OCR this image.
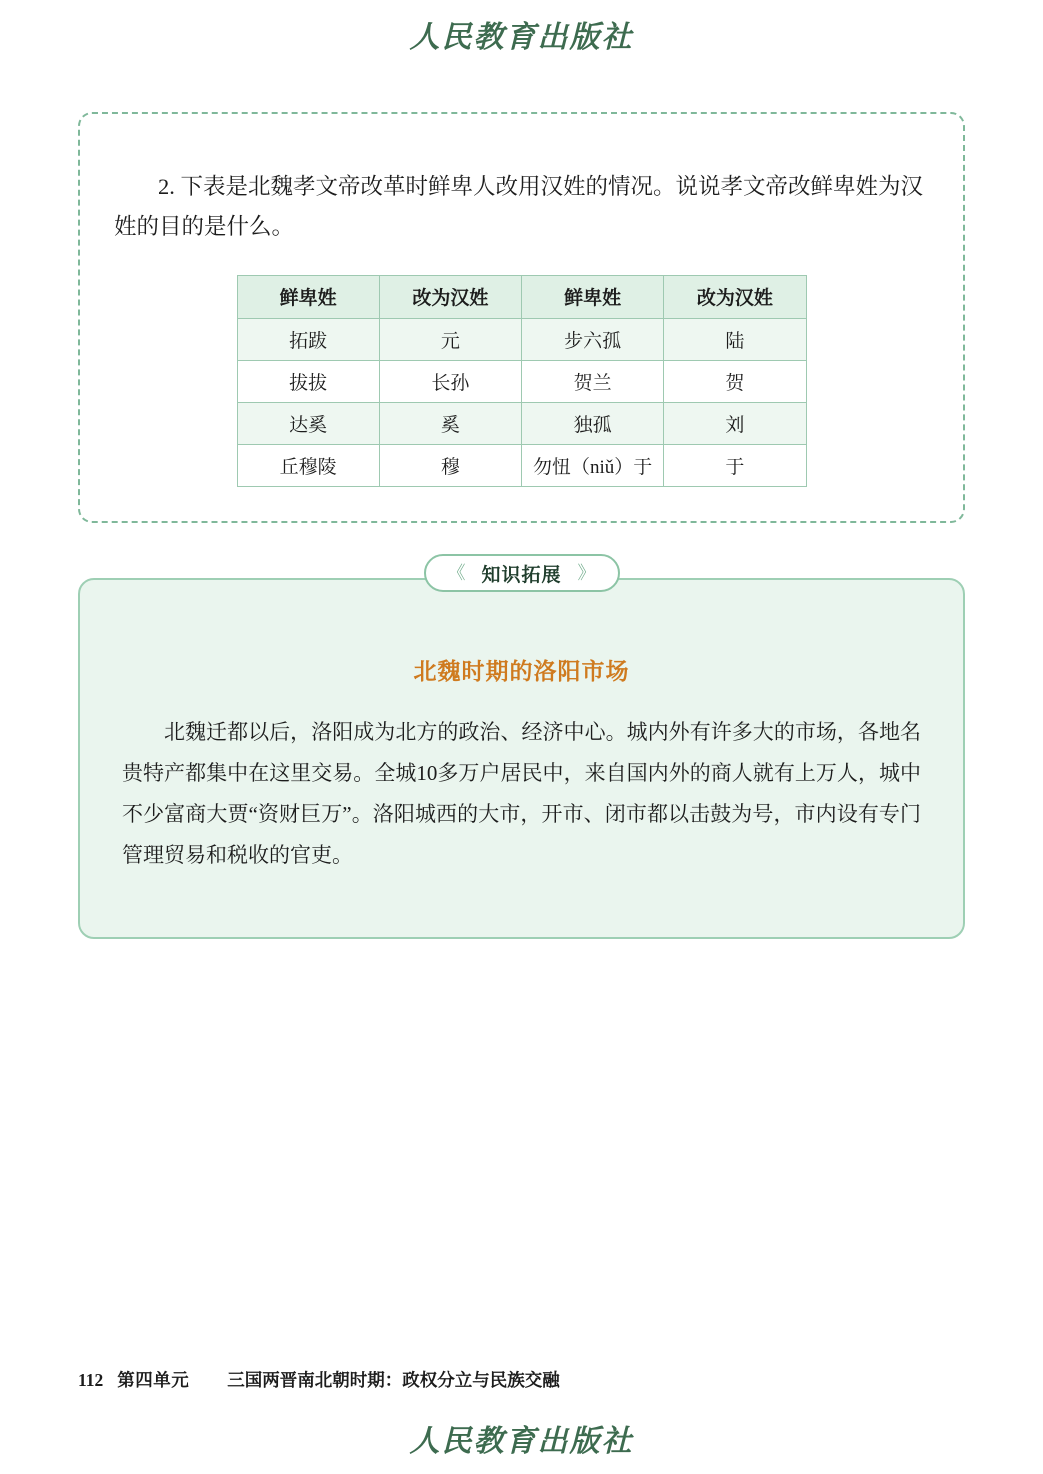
人民教育出版社

2. 下表是北魏孝文帝改革时鲜卑人改用汉姓的情况。说说孝文帝改鲜卑姓为汉姓的目的是什么。

鲜卑姓	改为汉姓	鲜卑姓	改为汉姓
拓跋	元	步六孤	陆
拔拔	长孙	贺兰	贺
达奚	奚	独孤	刘
丘穆陵	穆	勿忸（niǔ）于	于
《 知识拓展 》
北魏时期的洛阳市场

北魏迁都以后，洛阳成为北方的政治、经济中心。城内外有许多大的市场，各地名贵特产都集中在这里交易。全城10多万户居民中，来自国内外的商人就有上万人，城中不少富商大贾“资财巨万”。洛阳城西的大市，开市、闭市都以击鼓为号，市内设有专门管理贸易和税收的官吏。

112 第四单元 三国两晋南北朝时期：政权分立与民族交融
人民教育出版社
